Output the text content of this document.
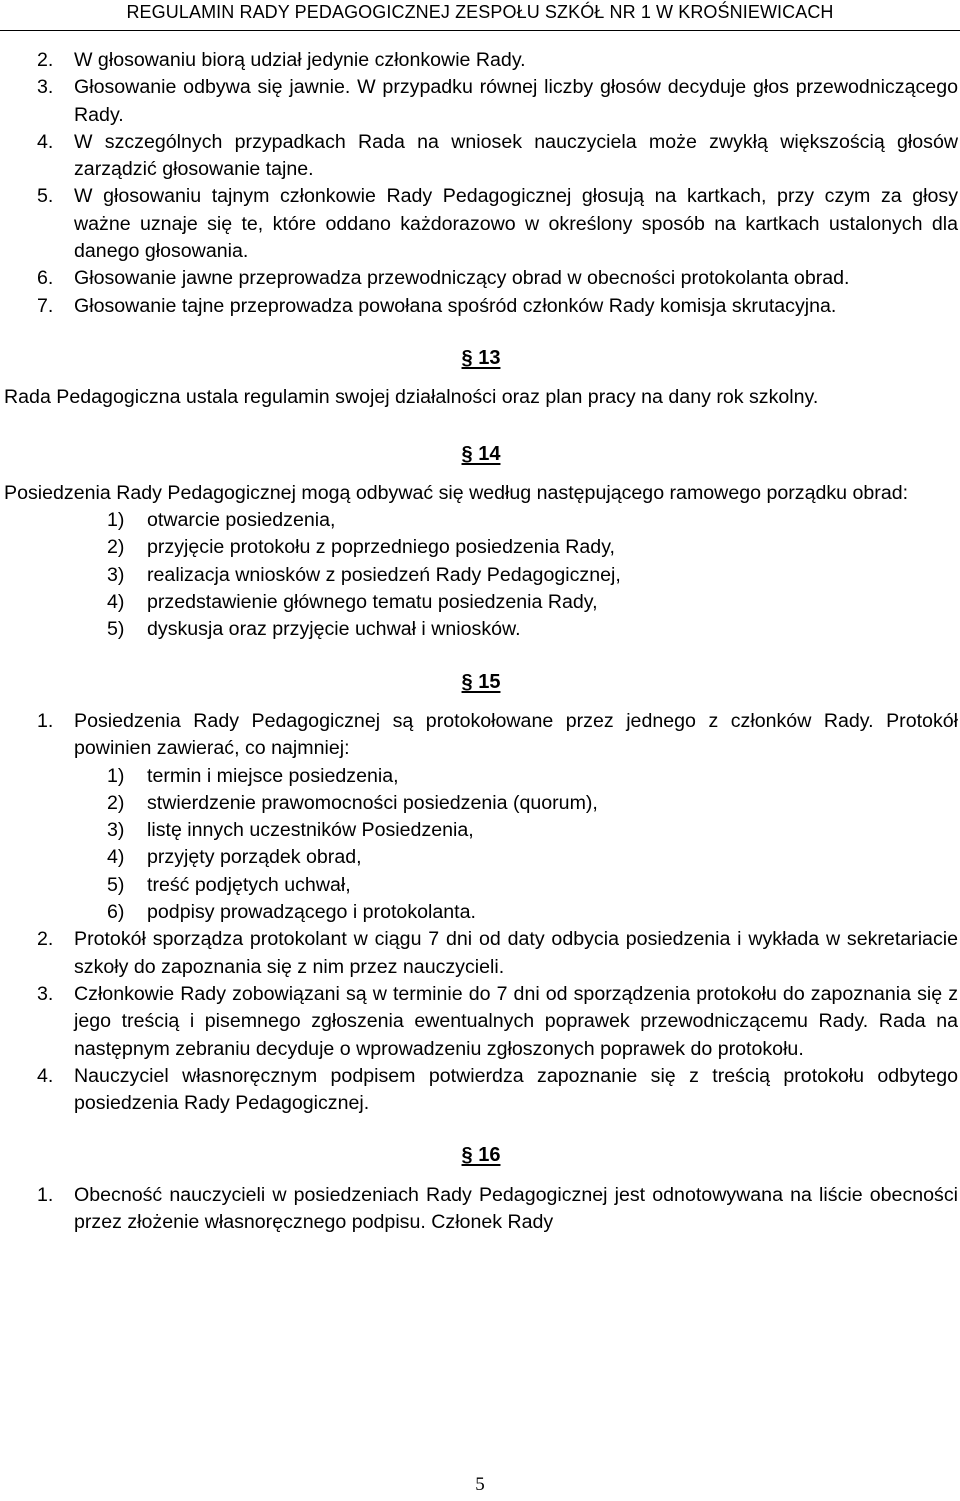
REGULAMIN RADY PEDAGOGICZNEJ ZESPOŁU SZKÓŁ NR 1 W KROŚNIEWICACH
2.	W głosowaniu biorą udział jedynie członkowie Rady.
3.	Głosowanie odbywa się jawnie. W przypadku równej liczby głosów decyduje głos przewodniczącego Rady.
4.	W szczególnych przypadkach Rada na wniosek nauczyciela może zwykłą większością głosów zarządzić głosowanie tajne.
5.	W głosowaniu tajnym członkowie Rady Pedagogicznej głosują na kartkach, przy czym za głosy ważne uznaje się te, które oddano każdorazowo w określony sposób na kartkach ustalonych dla danego głosowania.
6.	Głosowanie jawne przeprowadza przewodniczący obrad w obecności protokolanta obrad.
7.	Głosowanie tajne przeprowadza powołana spośród członków Rady komisja skrutacyjna.
§ 13
Rada Pedagogiczna ustala regulamin swojej działalności oraz plan pracy na dany rok szkolny.
§ 14
Posiedzenia Rady Pedagogicznej mogą odbywać się według następującego ramowego porządku obrad:
1)	otwarcie posiedzenia,
2)	przyjęcie protokołu z poprzedniego posiedzenia Rady,
3)	realizacja wniosków z posiedzeń Rady Pedagogicznej,
4)	przedstawienie głównego tematu posiedzenia Rady,
5)	dyskusja oraz przyjęcie uchwał i wniosków.
§ 15
1.	Posiedzenia Rady Pedagogicznej są protokołowane przez jednego z członków Rady. Protokół powinien zawierać, co najmniej:
1)	termin i miejsce posiedzenia,
2)	stwierdzenie prawomocności posiedzenia (quorum),
3)	listę innych uczestników Posiedzenia,
4)	przyjęty porządek obrad,
5)	treść podjętych uchwał,
6)	podpisy prowadzącego i protokolanta.
2.	Protokół sporządza protokolant w ciągu 7 dni od daty odbycia posiedzenia i wykłada w sekretariacie szkoły do zapoznania się z nim przez nauczycieli.
3.	Członkowie Rady zobowiązani są w terminie do 7 dni od sporządzenia protokołu do zapoznania się z jego treścią i pisemnego zgłoszenia ewentualnych poprawek przewodniczącemu Rady. Rada na następnym zebraniu decyduje o wprowadzeniu zgłoszonych poprawek do protokołu.
4.	Nauczyciel własnoręcznym podpisem potwierdza zapoznanie się z treścią protokołu odbytego posiedzenia Rady Pedagogicznej.
§ 16
1.	Obecność nauczycieli w posiedzeniach Rady Pedagogicznej jest odnotowywana na liście obecności przez złożenie własnoręcznego podpisu. Członek Rady
5
